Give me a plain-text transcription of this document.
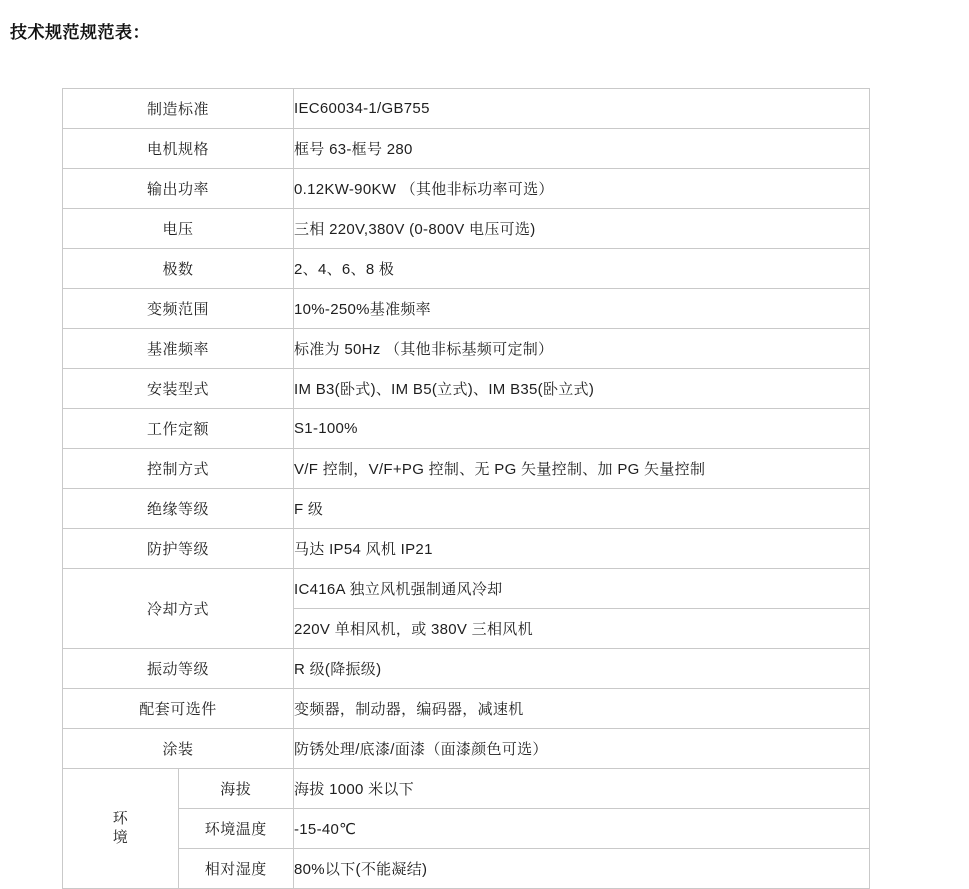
技术规范规范表：
制造标准		IEC60034-1/GB755
电机规格		框号 63-框号 280
输出功率		0.12KW-90KW （其他非标功率可选）
电压		三相 220V,380V (0-800V 电压可选)
极数		2、4、6、8 极
变频范围		10%-250%基准频率
基准频率		标准为 50Hz （其他非标基频可定制）
安装型式		IM B3(卧式)、IM B5(立式)、IM B35(卧立式)
工作定额		S1-100%
控制方式		V/F 控制，V/F+PG 控制、无 PG 矢量控制、加 PG 矢量控制
绝缘等级		F 级
防护等级		马达 IP54 风机 IP21
冷却方式		IC416A 独立风机强制通风冷却
		220V 单相风机，或 380V 三相风机
振动等级		R 级(降振级)
配套可选件		变频器，制动器，编码器，减速机
涂装		防锈处理/底漆/面漆（面漆颜色可选）
环境	海拔	海拔 1000 米以下
	环境温度	-15-40℃
	相对湿度	80%以下(不能凝结)
